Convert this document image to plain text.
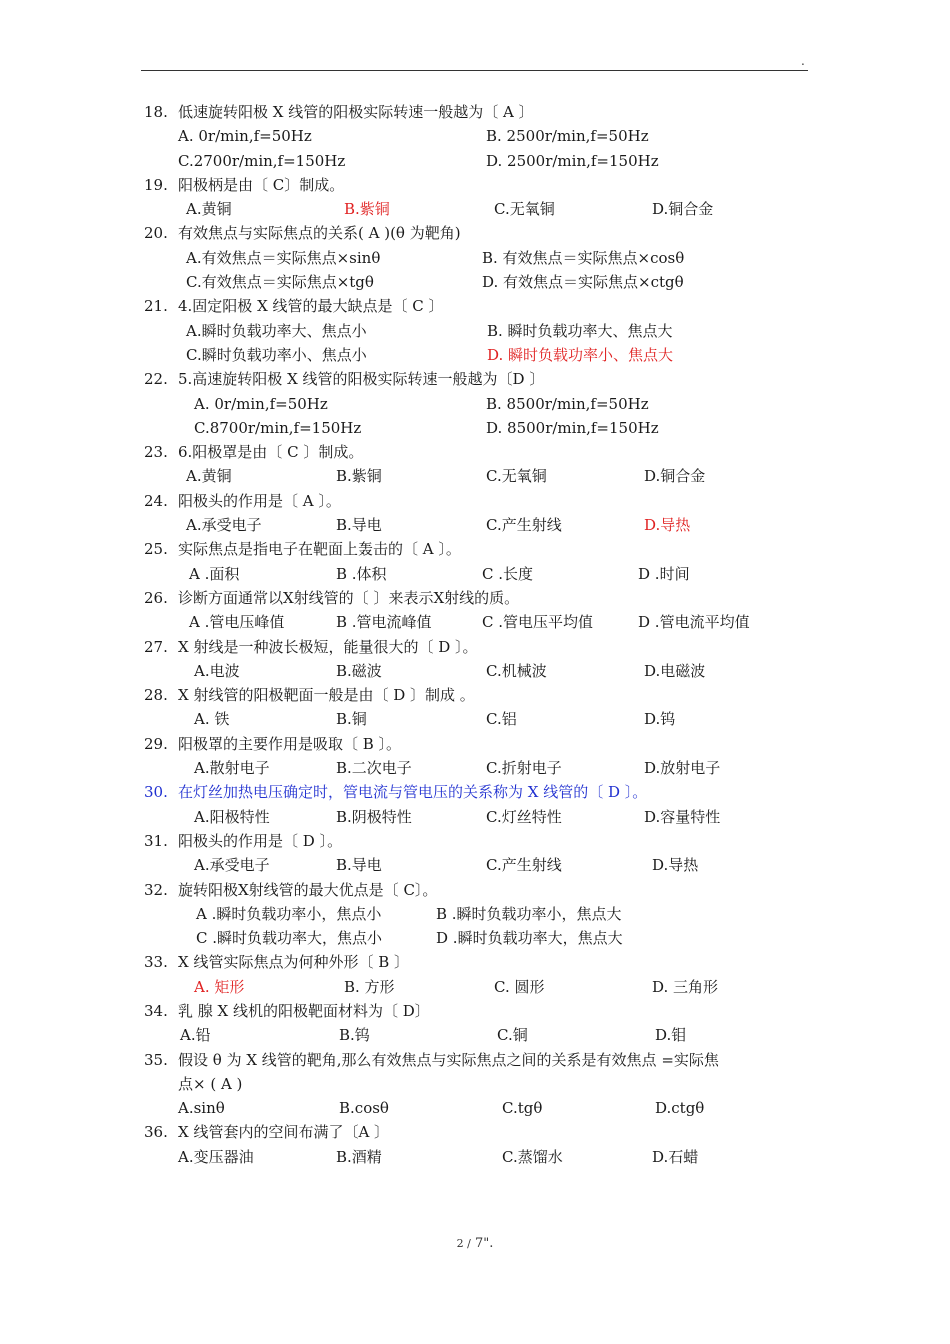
.
18. 低速旋转阳极 X 线管的阳极实际转速一般越为〔 A 〕
A. 0r/min,f=50Hz	B. 2500r/min,f=50Hz
C.2700r/min,f=150Hz	D. 2500r/min,f=150Hz
19. 阳极柄是由〔 C〕制成。
A.黄铜	B.紫铜	C.无氧铜	D.铜合金
20. 有效焦点与实际焦点的关系( A )(θ 为靶角)
A.有效焦点＝实际焦点×sinθ	B. 有效焦点＝实际焦点×cosθ
C.有效焦点＝实际焦点×tgθ	D. 有效焦点＝实际焦点×ctgθ
21. 4.固定阳极 X 线管的最大缺点是〔 C 〕
A.瞬时负载功率大、焦点小	B. 瞬时负载功率大、焦点大
C.瞬时负载功率小、焦点小	D. 瞬时负载功率小、焦点大
22. 5.高速旋转阳极 X 线管的阳极实际转速一般越为〔D 〕
A. 0r/min,f=50Hz	B. 8500r/min,f=50Hz
C.8700r/min,f=150Hz	D. 8500r/min,f=150Hz
23. 6.阳极罩是由〔 C 〕制成。
A.黄铜	B.紫铜	C.无氧铜	D.铜合金
24. 阳极头的作用是〔 A 〕。
A.承受电子	B.导电	C.产生射线	D.导热
25. 实际焦点是指电子在靶面上轰击的〔 A 〕。
A .面积	B .体积	C .长度	D .时间
26. 诊断方面通常以X射线管的〔 〕来表示X射线的质。
A .管电压峰值	B .管电流峰值	C .管电压平均值	D .管电流平均值
27. X 射线是一种波长极短，能量很大的〔 D 〕。
A.电波	B.磁波	C.机械波	D.电磁波
28. X 射线管的阳极靶面一般是由〔 D 〕制成 。
A. 铁	B.铜	C.铝	D.钨
29. 阳极罩的主要作用是吸取〔 B 〕。
A.散射电子	B.二次电子	C.折射电子	D.放射电子
30. 在灯丝加热电压确定时，管电流与管电压的关系称为 X 线管的〔 D 〕。
A.阳极特性	B.阴极特性	C.灯丝特性	D.容量特性
31. 阳极头的作用是〔 D 〕。
A.承受电子	B.导电	C.产生射线	D.导热
32. 旋转阳极X射线管的最大优点是〔 C〕。
A .瞬时负载功率小，焦点小	B .瞬时负载功率小，焦点大
C .瞬时负载功率大，焦点小	D .瞬时负载功率大，焦点大
33. X 线管实际焦点为何种外形〔 B 〕
A. 矩形	B. 方形	C. 圆形	D. 三角形
34. 乳 腺 X 线机的阳极靶面材料为〔 D〕
A.铅	B.钨	C.铜	D.钼
35. 假设 θ 为 X 线管的靶角,那么有效焦点与实际焦点之间的关系是有效焦点 =实际焦
点× ( A )
A.sinθ	B.cosθ	C.tgθ	D.ctgθ
36. X 线管套内的空间布满了〔A 〕
A.变压器油	B.酒精	C.蒸馏水	D.石蜡
2 / 7".
